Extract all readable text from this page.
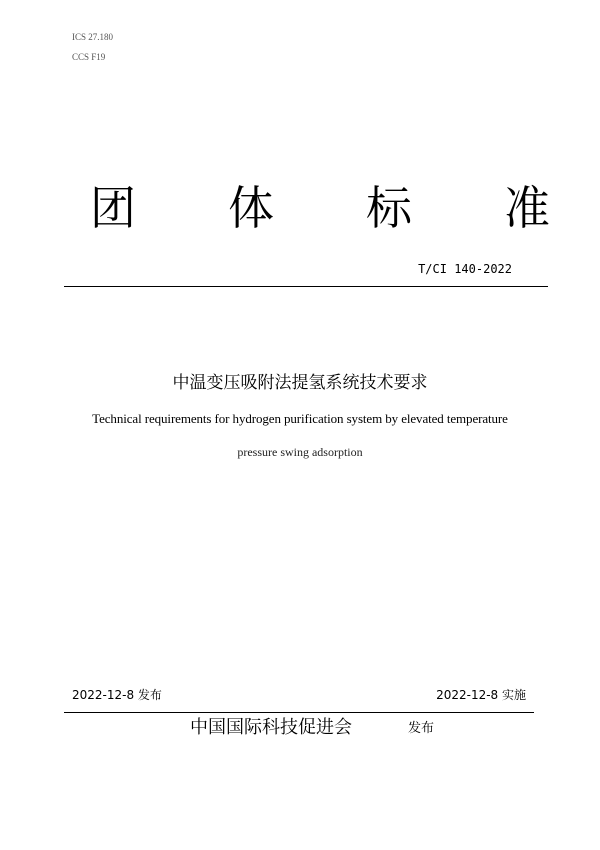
ICS 27.180
CCS F19
团 体 标 准
T/CI 140-2022
中温变压吸附法提氢系统技术要求
Technical requirements for hydrogen purification system by elevated temperature
pressure swing adsorption
2022-12-8 发布	2022-12-8 实施
中国国际科技促进会	发布
